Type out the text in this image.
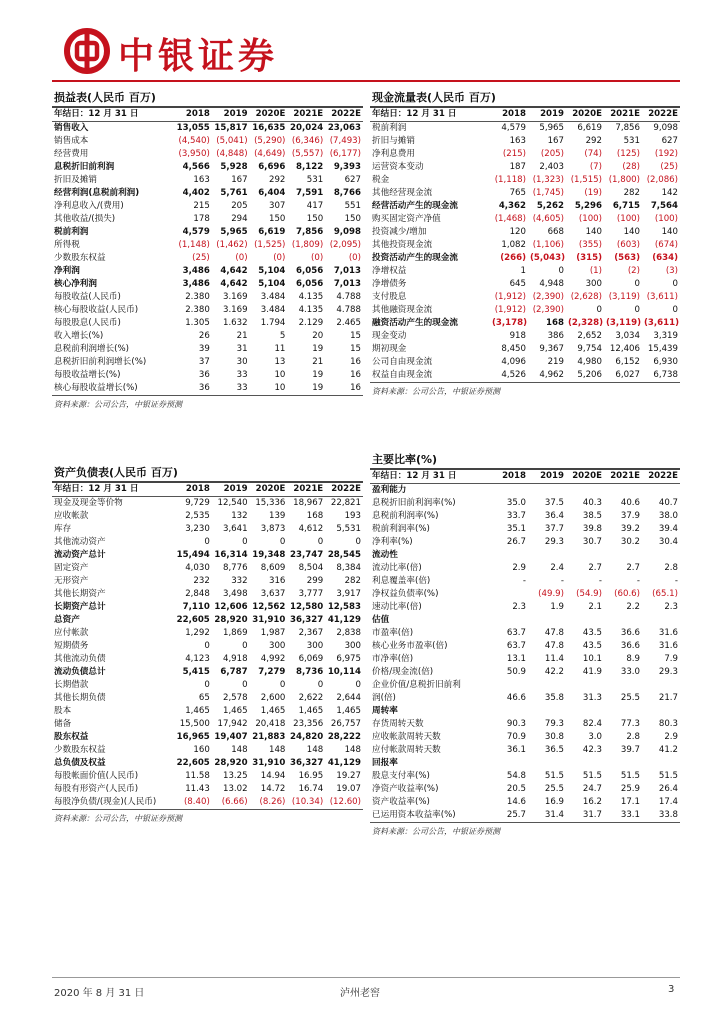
中银证券
损益表(人民币 百万)
年结日：12 月 31 日	2018	2019	2020E	2021E	2022E
销售收入	13,055	15,817	16,635	20,024	23,063
销售成本	(4,540)	(5,041)	(5,290)	(6,346)	(7,493)
经营费用	(3,950)	(4,848)	(4,649)	(5,557)	(6,177)
息税折旧前利润	4,566	5,928	6,696	8,122	9,393
折旧及摊销	163	167	292	531	627
经营利润(息税前利润)	4,402	5,761	6,404	7,591	8,766
净利息收入/(费用)	215	205	307	417	551
其他收益/(损失)	178	294	150	150	150
税前利润	4,579	5,965	6,619	7,856	9,098
所得税	(1,148)	(1,462)	(1,525)	(1,809)	(2,095)
少数股东权益	(25)	(0)	(0)	(0)	(0)
净利润	3,486	4,642	5,104	6,056	7,013
核心净利润	3,486	4,642	5,104	6,056	7,013
每股收益(人民币)	2.380	3.169	3.484	4.135	4.788
核心每股收益(人民币)	2.380	3.169	3.484	4.135	4.788
每股股息(人民币)	1.305	1.632	1.794	2.129	2.465
收入增长(%)	26	21	5	20	15
息税前利润增长(%)	39	31	11	19	15
息税折旧前利润增长(%)	37	30	13	21	16
每股收益增长(%)	36	33	10	19	16
核心每股收益增长(%)	36	33	10	19	16
资料来源：公司公告，中银证券预测
现金流量表(人民币 百万)
年结日：12 月 31 日	2018	2019	2020E	2021E	2022E
税前利润	4,579	5,965	6,619	7,856	9,098
折旧与摊销	163	167	292	531	627
净利息费用	(215)	(205)	(74)	(125)	(192)
运营资本变动	187	2,403	(7)	(28)	(25)
税金	(1,118)	(1,323)	(1,515)	(1,800)	(2,086)
其他经营现金流	765	(1,745)	(19)	282	142
经营活动产生的现金流	4,362	5,262	5,296	6,715	7,564
购买固定资产净值	(1,468)	(4,605)	(100)	(100)	(100)
投资减少/增加	120	668	140	140	140
其他投资现金流	1,082	(1,106)	(355)	(603)	(674)
投资活动产生的现金流	(266)	(5,043)	(315)	(563)	(634)
净增权益	1	0	(1)	(2)	(3)
净增债务	645	4,948	300	0	0
支付股息	(1,912)	(2,390)	(2,628)	(3,119)	(3,611)
其他融资现金流	(1,912)	(2,390)	0	0	0
融资活动产生的现金流	(3,178)	168	(2,328)	(3,119)	(3,611)
现金变动	918	386	2,652	3,034	3,319
期初现金	8,450	9,367	9,754	12,406	15,439
公司自由现金流	4,096	219	4,980	6,152	6,930
权益自由现金流	4,526	4,962	5,206	6,027	6,738
资料来源：公司公告，中银证券预测
资产负债表(人民币 百万)
年结日：12 月 31 日	2018	2019	2020E	2021E	2022E
现金及现金等价物	9,729	12,540	15,336	18,967	22,821
应收帐款	2,535	132	139	168	193
库存	3,230	3,641	3,873	4,612	5,531
其他流动资产	0	0	0	0	0
流动资产总计	15,494	16,314	19,348	23,747	28,545
固定资产	4,030	8,776	8,609	8,504	8,384
无形资产	232	332	316	299	282
其他长期资产	2,848	3,498	3,637	3,777	3,917
长期资产总计	7,110	12,606	12,562	12,580	12,583
总资产	22,605	28,920	31,910	36,327	41,129
应付帐款	1,292	1,869	1,987	2,367	2,838
短期债务	0	0	300	300	300
其他流动负债	4,123	4,918	4,992	6,069	6,975
流动负债总计	5,415	6,787	7,279	8,736	10,114
长期借款	0	0	0	0	0
其他长期负债	65	2,578	2,600	2,622	2,644
股本	1,465	1,465	1,465	1,465	1,465
储备	15,500	17,942	20,418	23,356	26,757
股东权益	16,965	19,407	21,883	24,820	28,222
少数股东权益	160	148	148	148	148
总负债及权益	22,605	28,920	31,910	36,327	41,129
每股帐面价值(人民币)	11.58	13.25	14.94	16.95	19.27
每股有形资产(人民币)	11.43	13.02	14.72	16.74	19.07
每股净负债/(现金)(人民币)	(8.40)	(6.66)	(8.26)	(10.34)	(12.60)
资料来源：公司公告，中银证券预测
主要比率(%)
年结日：12 月 31 日	2018	2019	2020E	2021E	2022E
盈利能力					
息税折旧前利润率(%)	35.0	37.5	40.3	40.6	40.7
息税前利润率(%)	33.7	36.4	38.5	37.9	38.0
税前利润率(%)	35.1	37.7	39.8	39.2	39.4
净利率(%)	26.7	29.3	30.7	30.2	30.4
流动性					
流动比率(倍)	2.9	2.4	2.7	2.7	2.8
利息覆盖率(倍)	-	-	-	-	-
净权益负债率(%)		(49.9)	(54.9)	(60.6)	(65.1)
速动比率(倍)	2.3	1.9	2.1	2.2	2.3
估值					
市盈率(倍)	63.7	47.8	43.5	36.6	31.6
核心业务市盈率(倍)	63.7	47.8	43.5	36.6	31.6
市净率(倍)	13.1	11.4	10.1	8.9	7.9
价格/现金流(倍)	50.9	42.2	41.9	33.0	29.3
企业价值/息税折旧前利					
润(倍)	46.6	35.8	31.3	25.5	21.7
周转率					
存货周转天数	90.3	79.3	82.4	77.3	80.3
应收帐款周转天数	70.9	30.8	3.0	2.8	2.9
应付帐款周转天数	36.1	36.5	42.3	39.7	41.2
回报率					
股息支付率(%)	54.8	51.5	51.5	51.5	51.5
净资产收益率(%)	20.5	25.5	24.7	25.9	26.4
资产收益率(%)	14.6	16.9	16.2	17.1	17.4
已运用资本收益率(%)	25.7	31.4	31.7	33.1	33.8
资料来源：公司公告，中银证券预测
2020 年 8 月 31 日	泸州老窖	3
